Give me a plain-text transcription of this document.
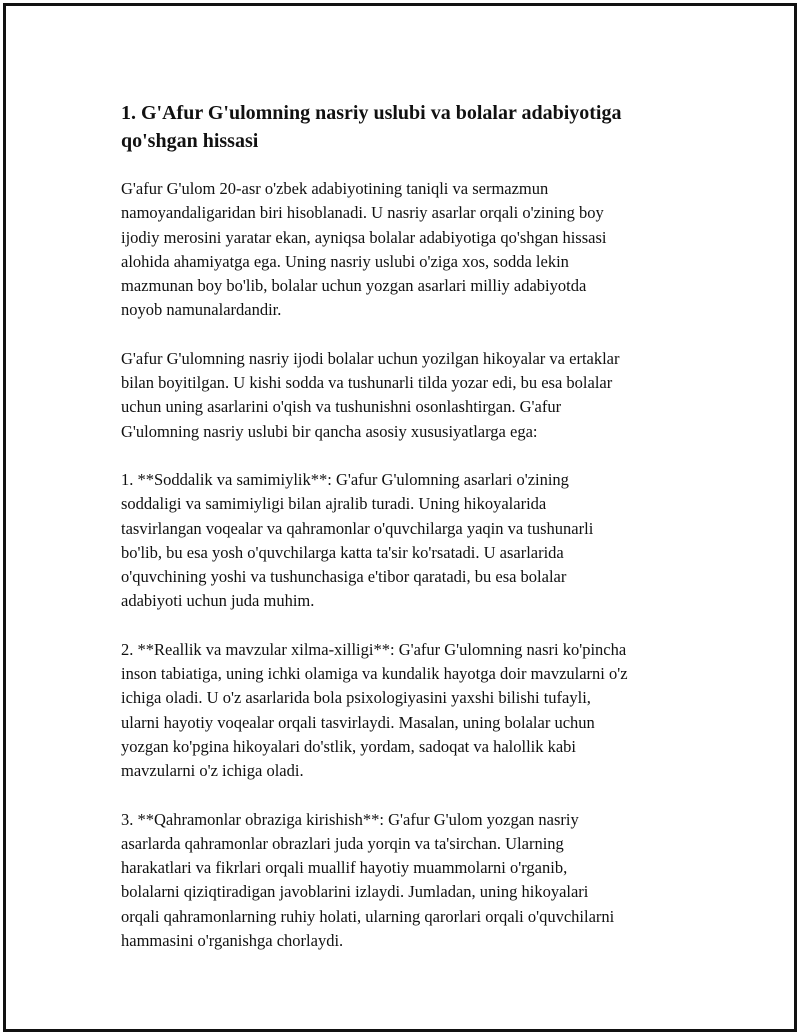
1. G'Afur G'ulomning nasriy uslubi va bolalar adabiyotiga
qo'shgan hissasi

G'afur G'ulom 20-asr o'zbek adabiyotining taniqli va sermazmun
namoyandaligaridan biri hisoblanadi. U nasriy asarlar orqali o'zining boy
ijodiy merosini yaratar ekan, ayniqsa bolalar adabiyotiga qo'shgan hissasi
alohida ahamiyatga ega. Uning nasriy uslubi o'ziga xos, sodda lekin
mazmunan boy bo'lib, bolalar uchun yozgan asarlari milliy adabiyotda
noyob namunalardandir.

G'afur G'ulomning nasriy ijodi bolalar uchun yozilgan hikoyalar va ertaklar
bilan boyitilgan. U kishi sodda va tushunarli tilda yozar edi, bu esa bolalar
uchun uning asarlarini o'qish va tushunishni osonlashtirgan. G'afur
G'ulomning nasriy uslubi bir qancha asosiy xususiyatlarga ega:

1. **Soddalik va samimiylik**: G'afur G'ulomning asarlari o'zining
soddaligi va samimiyligi bilan ajralib turadi. Uning hikoyalarida
tasvirlangan voqealar va qahramonlar o'quvchilarga yaqin va tushunarli
bo'lib, bu esa yosh o'quvchilarga katta ta'sir ko'rsatadi. U asarlarida
o'quvchining yoshi va tushunchasiga e'tibor qaratadi, bu esa bolalar
adabiyoti uchun juda muhim.

2. **Reallik va mavzular xilma-xilligi**: G'afur G'ulomning nasri ko'pincha
inson tabiatiga, uning ichki olamiga va kundalik hayotga doir mavzularni o'z
ichiga oladi. U o'z asarlarida bola psixologiyasini yaxshi bilishi tufayli,
ularni hayotiy voqealar orqali tasvirlaydi. Masalan, uning bolalar uchun
yozgan ko'pgina hikoyalari do'stlik, yordam, sadoqat va halollik kabi
mavzularni o'z ichiga oladi.

3. **Qahramonlar obraziga kirishish**: G'afur G'ulom yozgan nasriy
asarlarda qahramonlar obrazlari juda yorqin va ta'sirchan. Ularning
harakatlari va fikrlari orqali muallif hayotiy muammolarni o'rganib,
bolalarni qiziqtiradigan javoblarini izlaydi. Jumladan, uning hikoyalari
orqali qahramonlarning ruhiy holati, ularning qarorlari orqali o'quvchilarni
hammasini o'rganishga chorlaydi.
